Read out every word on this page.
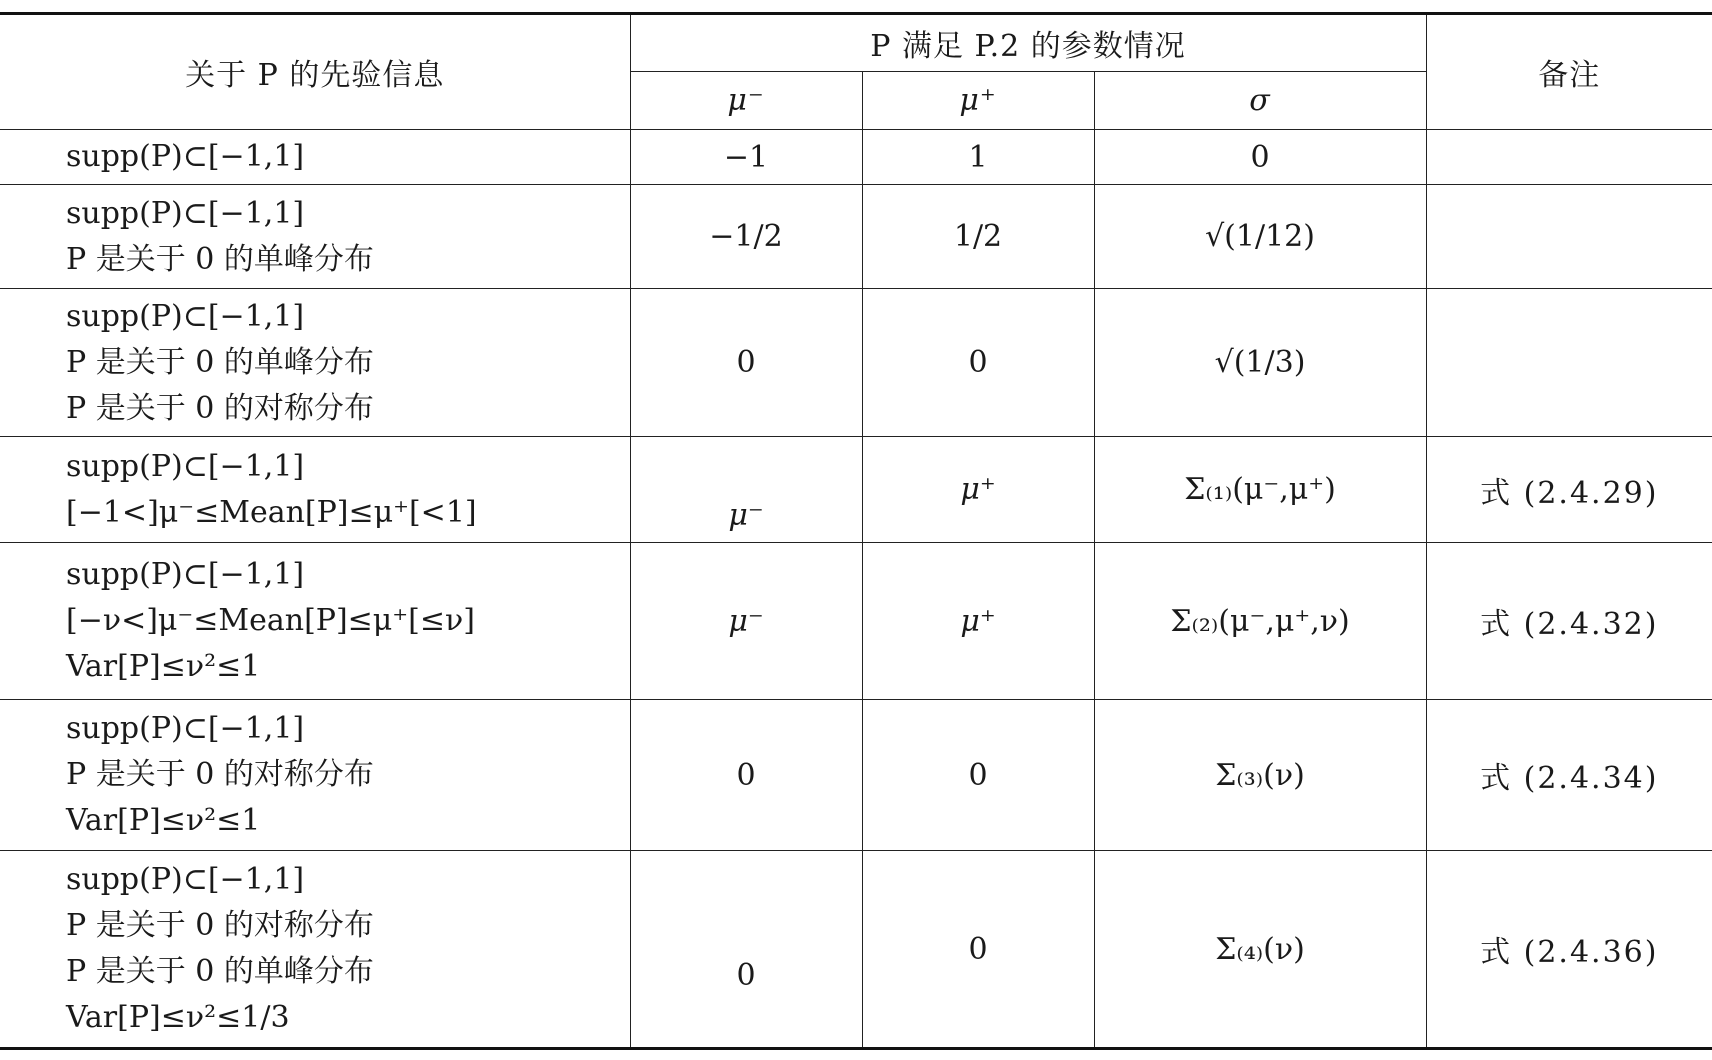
关于 P 的先验信息	P 满足 P.2 的参数情况			备注
	μ⁻	μ⁺	σ	

supp(P)⊂[−1,1]	−1	1	0	

supp(P)⊂[−1,1]
P 是关于 0 的单峰分布	−1/2	1/2	√(1/12)	

supp(P)⊂[−1,1]
P 是关于 0 的单峰分布
P 是关于 0 的对称分布	0	0	√(1/3)	

supp(P)⊂[−1,1]
[−1<]μ⁻≤Mean[P]≤μ⁺[<1]	μ⁻	μ⁺	Σ₍₁₎(μ⁻,μ⁺)	式 (2.4.29)

supp(P)⊂[−1,1]
[−ν<]μ⁻≤Mean[P]≤μ⁺[≤ν]
Var[P]≤ν²≤1	μ⁻	μ⁺	Σ₍₂₎(μ⁻,μ⁺,ν)	式 (2.4.32)

supp(P)⊂[−1,1]
P 是关于 0 的对称分布
Var[P]≤ν²≤1	0	0	Σ₍₃₎(ν)	式 (2.4.34)

supp(P)⊂[−1,1]
P 是关于 0 的对称分布
P 是关于 0 的单峰分布
Var[P]≤ν²≤1/3	0	0	Σ₍₄₎(ν)	式 (2.4.36)
